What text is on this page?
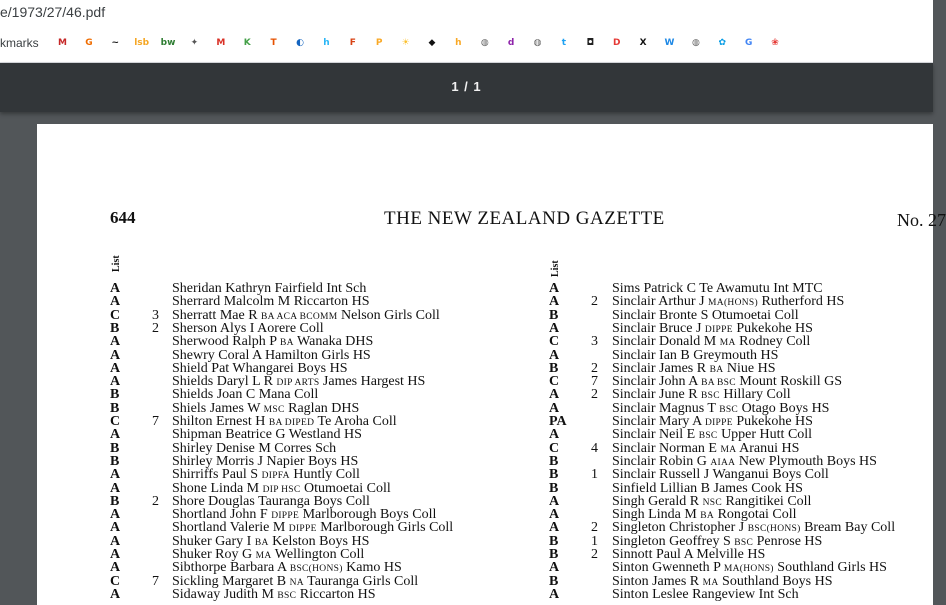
e/1973/27/46.pdf
kmarks	M	G	~	lsb bw	✦	M	K	T	◐	h	F	P	☀	◆	h	◍	d	◍	t	◘	D	X	W	◍	✿	G	❀
1 / 1
644	THE NEW ZEALAND GAZETTE	No. 27
List	List
A	Sheridan Kathryn Fairfield Int Sch
A	Sherrard Malcolm M Riccarton HS
C 3 Sherratt Mae R BA ACA BCOMM Nelson Girls Coll
B 2 Sherson Alys I Aorere Coll
A	Sherwood Ralph P BA Wanaka DHS
A	Shewry Coral A Hamilton Girls HS
A	Shield Pat Whangarei Boys HS
A	Shields Daryl L R DIP ARTS James Hargest HS
B	Shields Joan C Mana Coll
B	Shiels James W MSC Raglan DHS
C 7 Shilton Ernest H BA DIPED Te Aroha Coll
A	Shipman Beatrice G Westland HS
B	Shirley Denise M Corres Sch
B	Shirley Morris J Napier Boys HS
A	Shirriffs Paul S DIPFA Huntly Coll
A	Shone Linda M DIP HSC Otumoetai Coll
B 2 Shore Douglas Tauranga Boys Coll
A	Shortland John F DIPPE Marlborough Boys Coll
A	Shortland Valerie M DIPPE Marlborough Girls Coll
A	Shuker Gary I BA Kelston Boys HS
A	Shuker Roy G MA Wellington Coll
A	Sibthorpe Barbara A BSC(HONS) Kamo HS
C 7 Sickling Margaret B NA Tauranga Girls Coll
A	Sidaway Judith M BSC Riccarton HS
A	Sims Patrick C Te Awamutu Int MTC
A 2 Sinclair Arthur J MA(HONS) Rutherford HS
B	Sinclair Bronte S Otumoetai Coll
A	Sinclair Bruce J DIPPE Pukekohe HS
C 3 Sinclair Donald M MA Rodney Coll
A	Sinclair Ian B Greymouth HS
B 2 Sinclair James R BA Niue HS
C 7 Sinclair John A BA BSC Mount Roskill GS
A 2 Sinclair June R BSC Hillary Coll
A	Sinclair Magnus T BSC Otago Boys HS
PA	Sinclair Mary A DIPPE Pukekohe HS
A	Sinclair Neil E BSC Upper Hutt Coll
C 4 Sinclair Norman E MA Aranui HS
B	Sinclair Robin G AIAA New Plymouth Boys HS
B 1 Sinclair Russell J Wanganui Boys Coll
B	Sinfield Lillian B James Cook HS
A	Singh Gerald R NSC Rangitikei Coll
A	Singh Linda M BA Rongotai Coll
A 2 Singleton Christopher J BSC(HONS) Bream Bay Coll
B 1 Singleton Geoffrey S BSC Penrose HS
B 2 Sinnott Paul A Melville HS
A	Sinton Gwenneth P MA(HONS) Southland Girls HS
B	Sinton James R MA Southland Boys HS
A	Sinton Leslee Rangeview Int Sch
